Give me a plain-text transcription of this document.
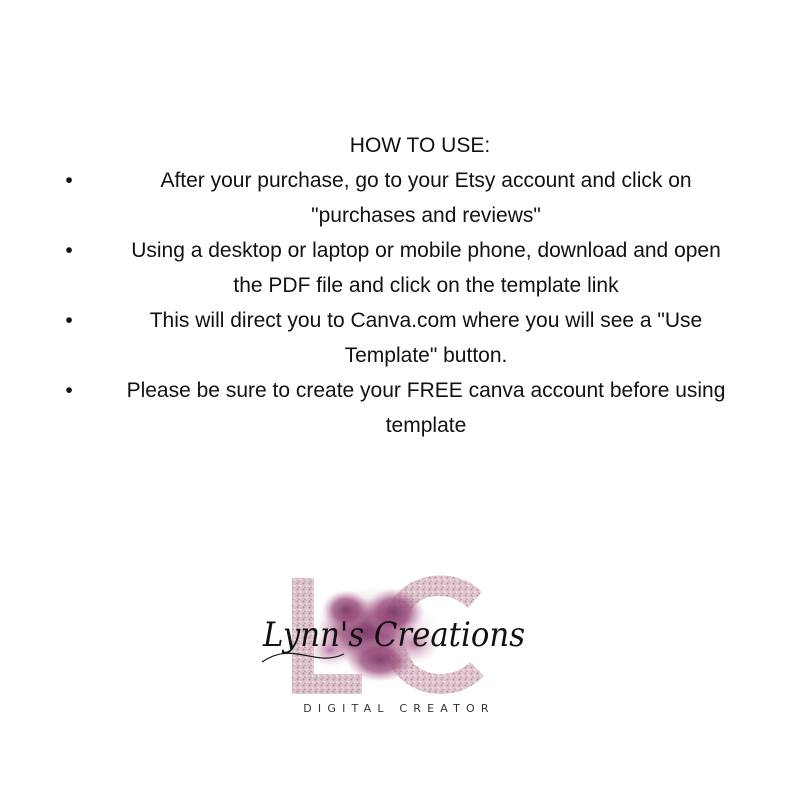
HOW TO USE:
•	After your purchase, go to your Etsy account and click on
"purchases and reviews"
•	Using a desktop or laptop or mobile phone, download and open
the PDF file and click on the template link
•	This will direct you to Canva.com where you will see a "Use
Template" button.
•	Please be sure to create your FREE canva account before using
template
Lynn's Creations
DIGITAL CREATOR
